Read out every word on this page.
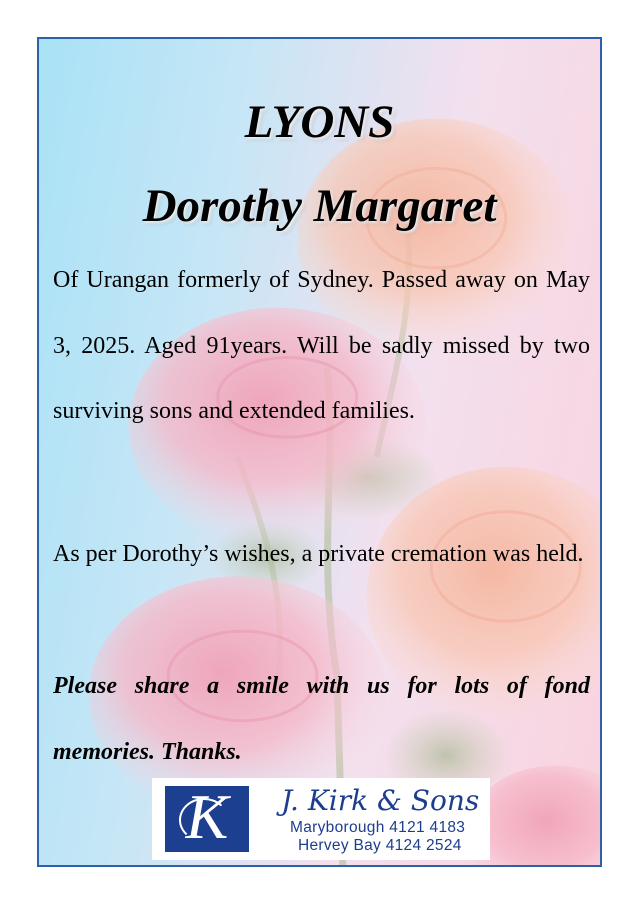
LYONS
Dorothy Margaret

Of Urangan formerly of Sydney. Passed away on May 3, 2025. Aged 91years. Will be sadly missed by two surviving sons and extended families.

As per Dorothy’s wishes, a private cremation was held.

Please share a smile with us for lots of fond memories. Thanks.

K	J. Kirk & Sons

Maryborough 4121 4183

Hervey Bay 4124 2524
